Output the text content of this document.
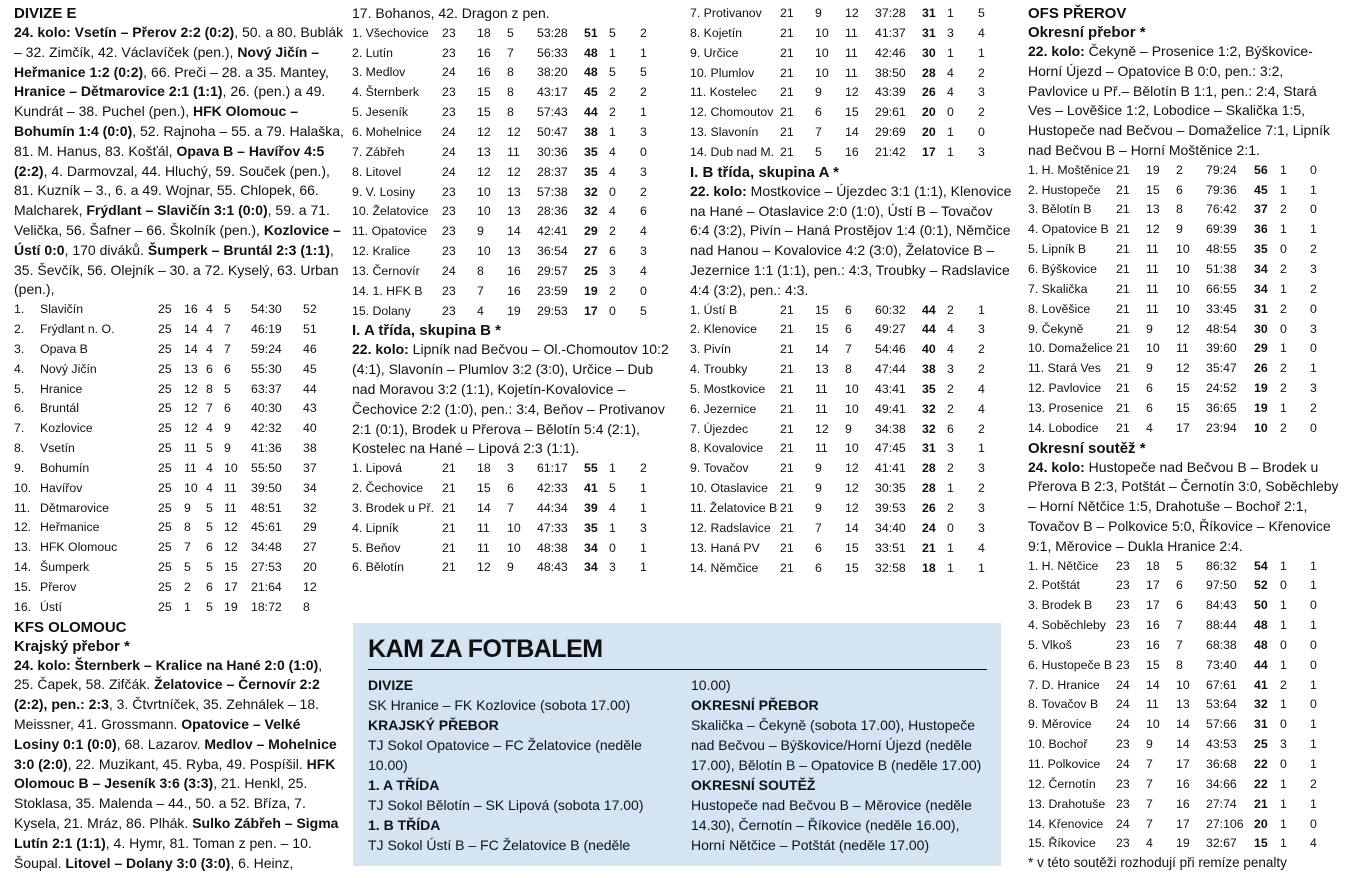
DIVIZE E

24. kolo: Vsetín – Přerov 2:2 (0:2), 50. a 80. Bublák – 32. Zimčík, 42. Václavíček (pen.), Nový Jičín – Heřmanice 1:2 (0:2), 66. Preči – 28. a 35. Mantey, Hranice – Dětmarovice 2:1 (1:1), 26. (pen.) a 49. Kundrát – 38. Puchel (pen.), HFK Olomouc – Bohumín 1:4 (0:0), 52. Rajnoha – 55. a 79. Halaška, 81. M. Hanus, 83. Košťál, Opava B – Havířov 4:5 (2:2), 4. Darmovzal, 44. Hluchý, 59. Souček (pen.), 81. Kuzník – 3., 6. a 49. Wojnar, 55. Chlopek, 66. Malcharek, Frýdlant – Slavičín 3:1 (0:0), 59. a 71. Velička, 56. Šafner – 66. Školník (pen.), Kozlovice – Ústí 0:0, 170 diváků. Šumperk – Bruntál 2:3 (1:1), 35. Ševčík, 56. Olejník – 30. a 72. Kyselý, 63. Urban (pen.),

1.	Slavičín	25	16	4	5	54:30	52
2.	Frýdlant n. O.	25	14	4	7	46:19	51
3.	Opava B	25	14	4	7	59:24	46
4.	Nový Jičín	25	13	6	6	55:30	45
5.	Hranice	25	12	8	5	63:37	44
6.	Bruntál	25	12	7	6	40:30	43
7.	Kozlovice	25	12	4	9	42:32	40
8.	Vsetín	25	11	5	9	41:36	38
9.	Bohumín	25	11	4	10	55:50	37
10.	Havířov	25	10	4	11	39:50	34
11.	Dětmarovice	25	9	5	11	48:51	32
12.	Heřmanice	25	8	5	12	45:61	29
13.	HFK Olomouc	25	7	6	12	34:48	27
14.	Šumperk	25	5	5	15	27:53	20
15.	Přerov	25	2	6	17	21:64	12
16.	Ústí	25	1	5	19	18:72	8
KFS OLOMOUC
Krajský přebor *

24. kolo: Šternberk – Kralice na Hané 2:0 (1:0), 25. Čapek, 58. Zifčák. Želatovice – Černovír 2:2 (2:2), pen.: 2:3, 3. Čtvrtníček, 35. Zehnálek – 18. Meissner, 41. Grossmann. Opatovice – Velké Losiny 0:1 (0:0), 68. Lazarov. Medlov – Mohelnice 3:0 (2:0), 22. Muzikant, 45. Ryba, 49. Pospíšil. HFK Olomouc B – Jeseník 3:6 (3:3), 21. Henkl, 25. Stoklasa, 35. Malenda – 44., 50. a 52. Bříza, 7. Kysela, 21. Mráz, 86. Plhák. Sulko Zábřeh – Sigma Lutín 2:1 (1:1), 4. Hymr, 81. Toman z pen. – 10. Šoupal. Litovel – Dolany 3:0 (3:0), 6. Heinz,

17. Bohanos, 42. Dragon z pen.

1. Všechovice	23	18	5	53:28	51	5	2
2. Lutín	23	16	7	56:33	48	1	1
3. Medlov	24	16	8	38:20	48	5	5
4. Šternberk	23	15	8	43:17	45	2	2
5. Jeseník	23	15	8	57:43	44	2	1
6. Mohelnice	24	12	12	50:47	38	1	3
7. Zábřeh	24	13	11	30:36	35	4	0
8. Litovel	24	12	12	28:37	35	4	3
9. V. Losiny	23	10	13	57:38	32	0	2
10. Želatovice	23	10	13	28:36	32	4	6
11. Opatovice	23	9	14	42:41	29	2	4
12. Kralice	23	10	13	36:54	27	6	3
13. Černovír	24	8	16	29:57	25	3	4
14. 1. HFK B	23	7	16	23:59	19	2	0
15. Dolany	23	4	19	29:53	17	0	5
I. A třída, skupina B *

22. kolo: Lipník nad Bečvou – Ol.-Chomoutov 10:2 (4:1), Slavonín – Plumlov 3:2 (3:0), Určice – Dub nad Moravou 3:2 (1:1), Kojetín-Kovalovice – Čechovice 2:2 (1:0), pen.: 3:4, Beňov – Protivanov 2:1 (0:1), Brodek u Přerova – Bělotín 5:4 (2:1), Kostelec na Hané – Lipová 2:3 (1:1).

1. Lipová	21	18	3	61:17	55	1	2
2. Čechovice	21	15	6	42:33	41	5	1
3. Brodek u Př.	21	14	7	44:34	39	4	1
4. Lipník	21	11	10	47:33	35	1	3
5. Beňov	21	11	10	48:38	34	0	1
6. Bělotín	21	12	9	48:43	34	3	1
7. Protivanov	21	9	12	37:28	31	1	5
8. Kojetín	21	10	11	41:37	31	3	4
9. Určice	21	10	11	42:46	30	1	1
10. Plumlov	21	10	11	38:50	28	4	2
11. Kostelec	21	9	12	43:39	26	4	3
12. Chomoutov	21	6	15	29:61	20	0	2
13. Slavonín	21	7	14	29:69	20	1	0
14. Dub nad M.	21	5	16	21:42	17	1	3
I. B třída, skupina A *

22. kolo: Mostkovice – Újezdec 3:1 (1:1), Klenovice na Hané – Otaslavice 2:0 (1:0), Ústí B – Tovačov 6:4 (3:2), Pivín – Haná Prostějov 1:4 (0:1), Němčice nad Hanou – Kovalovice 4:2 (3:0), Želatovice B – Jezernice 1:1 (1:1), pen.: 4:3, Troubky – Radslavice 4:4 (3:2), pen.: 4:3.

1. Ústí B	21	15	6	60:32	44	2	1
2. Klenovice	21	15	6	49:27	44	4	3
3. Pivín	21	14	7	54:46	40	4	2
4. Troubky	21	13	8	47:44	38	3	2
5. Mostkovice	21	11	10	43:41	35	2	4
6. Jezernice	21	11	10	49:41	32	2	4
7. Újezdec	21	12	9	34:38	32	6	2
8. Kovalovice	21	11	10	47:45	31	3	1
9. Tovačov	21	9	12	41:41	28	2	3
10. Otaslavice	21	9	12	30:35	28	1	2
11. Želatovice B	21	9	12	39:53	26	2	3
12. Radslavice	21	7	14	34:40	24	0	3
13. Haná PV	21	6	15	33:51	21	1	4
14. Němčice	21	6	15	32:58	18	1	1
OFS PŘEROV
Okresní přebor *

22. kolo: Čekyně – Prosenice 1:2, Býškovice-Horní Újezd – Opatovice B 0:0, pen.: 3:2, Pavlovice u Př.– Bělotín B 1:1, pen.: 2:4, Stará Ves – Lověšice 1:2, Lobodice – Skalička 1:5, Hustopeče nad Bečvou – Domaželice 7:1, Lipník nad Bečvou B – Horní Moštěnice 2:1.

1. H. Moštěnice	21	19	2	79:24	56	1	0
2. Hustopeče	21	15	6	79:36	45	1	1
3. Bělotín B	21	13	8	76:42	37	2	0
4. Opatovice B	21	12	9	69:39	36	1	1
5. Lipník B	21	11	10	48:55	35	0	2
6. Býškovice	21	11	10	51:38	34	2	3
7. Skalička	21	11	10	66:55	34	1	2
8. Lověšice	21	11	10	33:45	31	2	0
9. Čekyně	21	9	12	48:54	30	0	3
10. Domaželice	21	10	11	39:60	29	1	0
11. Stará Ves	21	9	12	35:47	26	2	1
12. Pavlovice	21	6	15	24:52	19	2	3
13. Prosenice	21	6	15	36:65	19	1	2
14. Lobodice	21	4	17	23:94	10	2	0
Okresní soutěž *

24. kolo: Hustopeče nad Bečvou B – Brodek u Přerova B 2:3, Potštát – Černotín 3:0, Soběchleby – Horní Nětčice 1:5, Drahotuše – Bochoř 2:1, Tovačov B – Polkovice 5:0, Říkovice – Křenovice 9:1, Měrovice – Dukla Hranice 2:4.

1. H. Nětčice	23	18	5	86:32	54	1	1
2. Potštát	23	17	6	97:50	52	0	1
3. Brodek B	23	17	6	84:43	50	1	0
4. Soběchleby	23	16	7	88:44	48	1	1
5. Vlkoš	23	16	7	68:38	48	0	0
6. Hustopeče B	23	15	8	73:40	44	1	0
7. D. Hranice	24	14	10	67:61	41	2	1
8. Tovačov B	24	11	13	53:64	32	1	0
9. Měrovice	24	10	14	57:66	31	0	1
10. Bochoř	23	9	14	43:53	25	3	1
11. Polkovice	24	7	17	36:68	22	0	1
12. Černotín	23	7	16	34:66	22	1	2
13. Drahotuše	23	7	16	27:74	21	1	1
14. Křenovice	24	7	17	27:106	20	1	0
15. Říkovice	23	4	19	32:67	15	1	4
* v této soutěži rozhodují při remíze penalty
KAM ZA FOTBALEM
DIVIZE
SK Hranice – FK Kozlovice (sobota 17.00)
KRAJSKÝ PŘEBOR
TJ Sokol Opatovice – FC Želatovice (neděle 10.00)
1. A TŘÍDA
TJ Sokol Bělotín – SK Lipová (sobota 17.00)
1. B TŘÍDA
TJ Sokol Ústí B – FC Želatovice B (neděle
10.00)
OKRESNÍ PŘEBOR
Skalička – Čekyně (sobota 17.00), Hustopeče nad Bečvou – Býškovice/Horní Újezd (neděle 17.00), Bělotín B – Opatovice B (neděle 17.00)
OKRESNÍ SOUTĚŽ
Hustopeče nad Bečvou B – Měrovice (neděle 14.30), Černotín – Říkovice (neděle 16.00), Horní Nětčice – Potštát (neděle 17.00)
